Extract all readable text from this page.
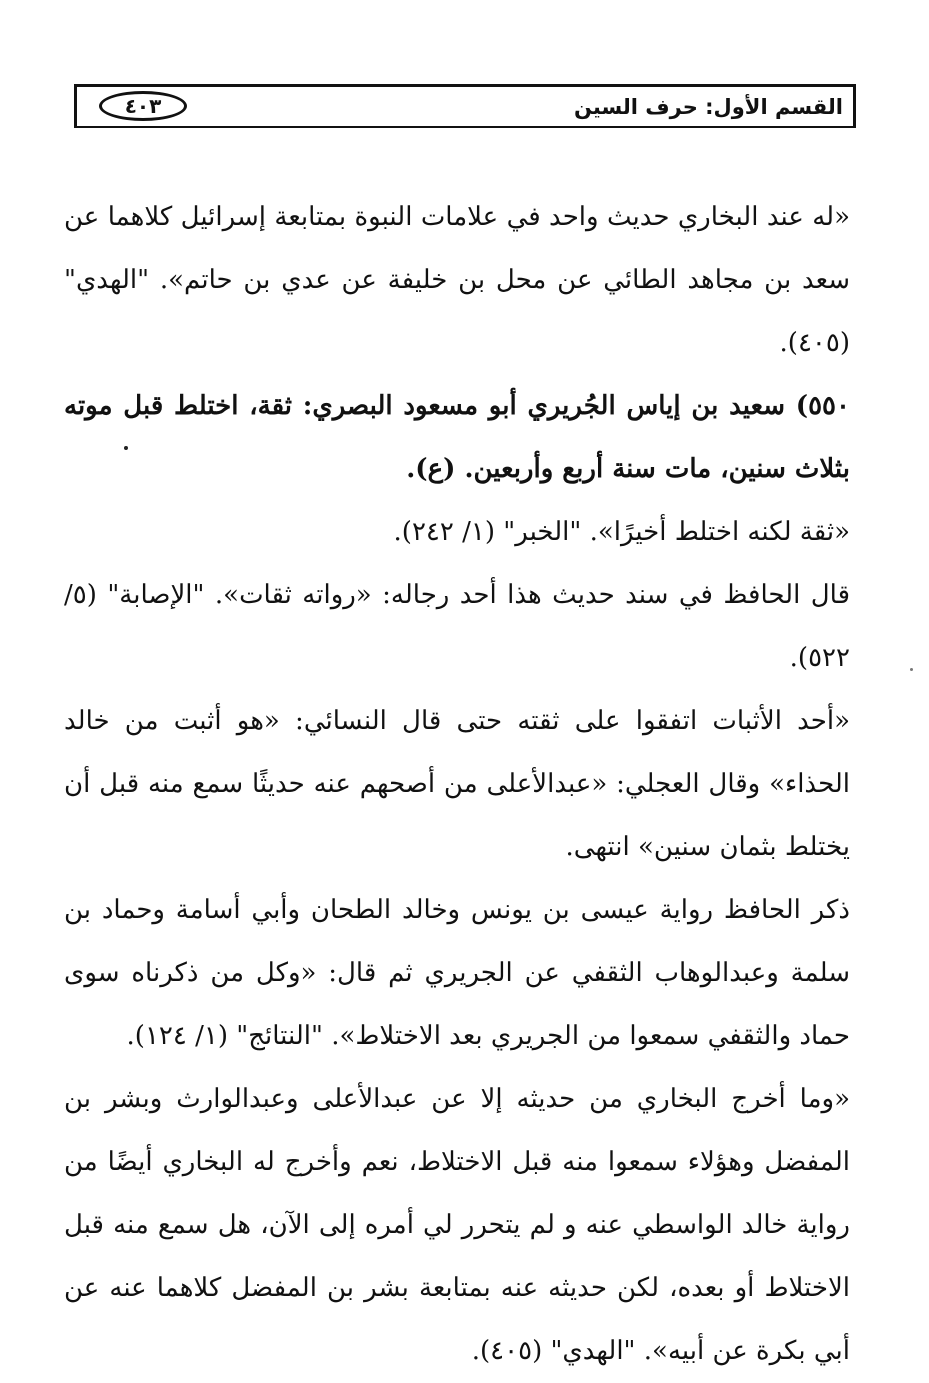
القسم الأول: حرف السين
٤٠٣

«له عند البخاري حديث واحد في علامات النبوة بمتابعة إسرائيل كلاهما عن سعد بن مجاهد الطائي عن محل بن خليفة عن عدي بن حاتم». "الهدي" (٤٠٥).

٥٥٠) سعيد بن إياس الجُريري أبو مسعود البصري: ثقة، اختلط قبل موته بثلاث سنين، مات سنة أربع وأربعين. (ع).

«ثقة لكنه اختلط أخيرًا». "الخبر" (١/ ٢٤٢).

قال الحافظ في سند حديث هذا أحد رجاله: «رواته ثقات». "الإصابة" (٥/ ٥٢٢).

«أحد الأثبات اتفقوا على ثقته حتى قال النسائي: «هو أثبت من خالد الحذاء» وقال العجلي: «عبدالأعلى من أصحهم عنه حديثًا سمع منه قبل أن يختلط بثمان سنين» انتهى.

ذكر الحافظ رواية عيسى بن يونس وخالد الطحان وأبي أسامة وحماد بن سلمة وعبدالوهاب الثقفي عن الجريري ثم قال: «وكل من ذكرناه سوى حماد والثقفي سمعوا من الجريري بعد الاختلاط». "النتائج" (١/ ١٢٤).

«وما أخرج البخاري من حديثه إلا عن عبدالأعلى وعبدالوارث وبشر بن المفضل وهؤلاء سمعوا منه قبل الاختلاط، نعم وأخرج له البخاري أيضًا من رواية خالد الواسطي عنه و لم يتحرر لي أمره إلى الآن، هل سمع منه قبل الاختلاط أو بعده، لكن حديثه عنه بمتابعة بشر بن المفضل كلاهما عنه عن أبي بكرة عن أبيه». "الهدي" (٤٠٥).
